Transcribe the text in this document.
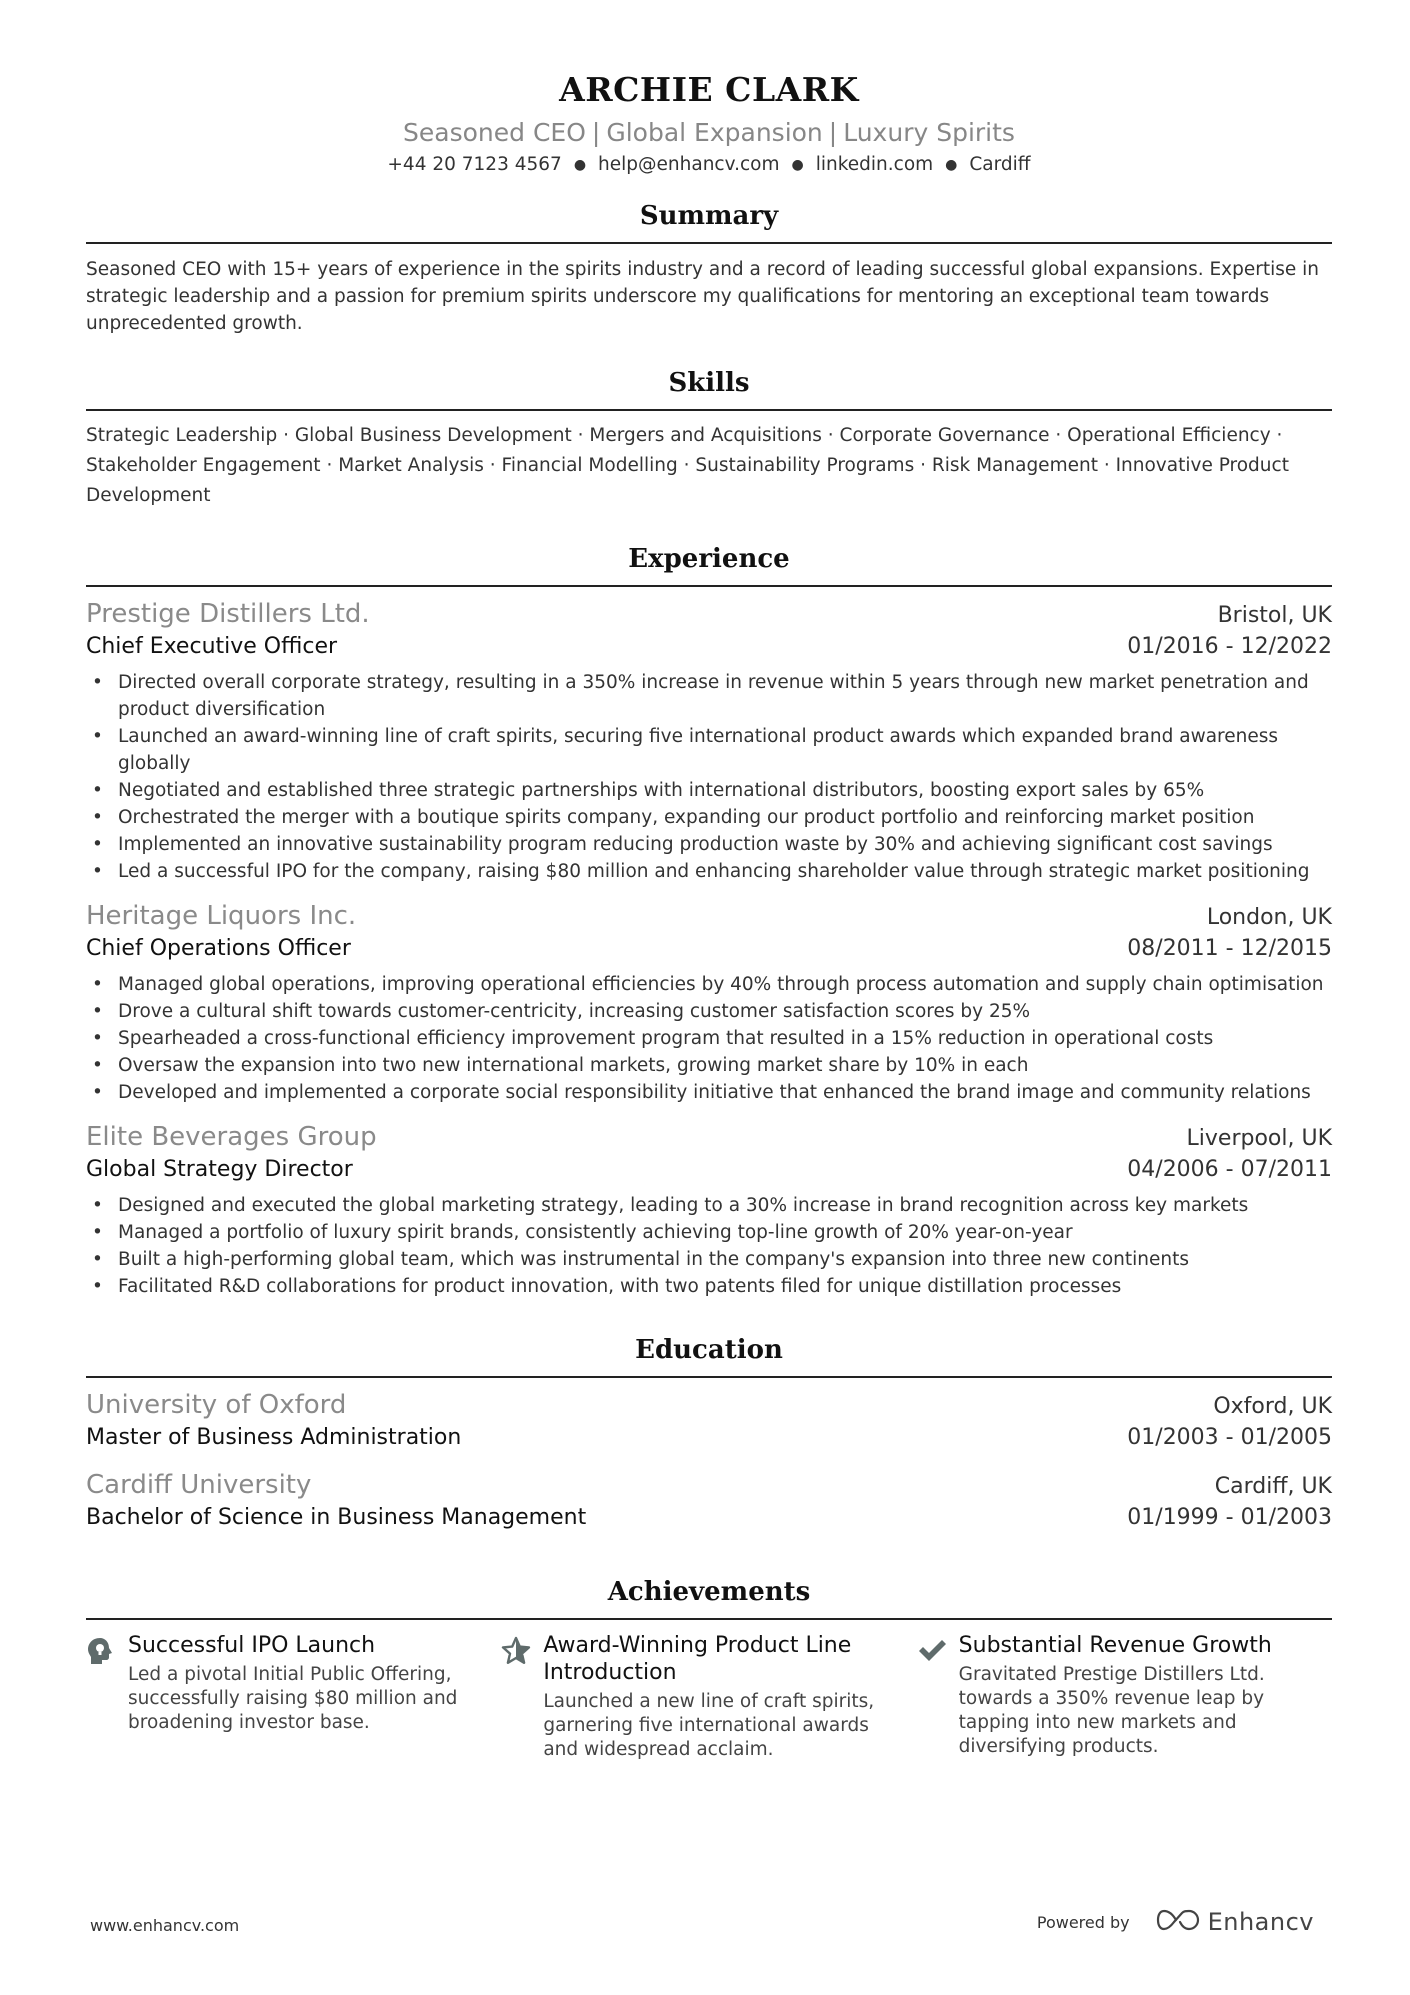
ARCHIE CLARK
Seasoned CEO | Global Expansion | Luxury Spirits
+44 20 7123 4567 ● help@enhancv.com ● linkedin.com ● Cardiff
Summary
Seasoned CEO with 15+ years of experience in the spirits industry and a record of leading successful global expansions. Expertise in strategic leadership and a passion for premium spirits underscore my qualifications for mentoring an exceptional team towards unprecedented growth.
Skills
Strategic Leadership · Global Business Development · Mergers and Acquisitions · Corporate Governance · Operational Efficiency · Stakeholder Engagement · Market Analysis · Financial Modelling · Sustainability Programs · Risk Management · Innovative Product Development
Experience
Prestige Distillers Ltd.	Bristol, UK
Chief Executive Officer	01/2016 - 12/2022
• Directed overall corporate strategy, resulting in a 350% increase in revenue within 5 years through new market penetration and product diversification
• Launched an award-winning line of craft spirits, securing five international product awards which expanded brand awareness globally
• Negotiated and established three strategic partnerships with international distributors, boosting export sales by 65%
• Orchestrated the merger with a boutique spirits company, expanding our product portfolio and reinforcing market position
• Implemented an innovative sustainability program reducing production waste by 30% and achieving significant cost savings
• Led a successful IPO for the company, raising $80 million and enhancing shareholder value through strategic market positioning
Heritage Liquors Inc.	London, UK
Chief Operations Officer	08/2011 - 12/2015
• Managed global operations, improving operational efficiencies by 40% through process automation and supply chain optimisation
• Drove a cultural shift towards customer-centricity, increasing customer satisfaction scores by 25%
• Spearheaded a cross-functional efficiency improvement program that resulted in a 15% reduction in operational costs
• Oversaw the expansion into two new international markets, growing market share by 10% in each
• Developed and implemented a corporate social responsibility initiative that enhanced the brand image and community relations
Elite Beverages Group	Liverpool, UK
Global Strategy Director	04/2006 - 07/2011
• Designed and executed the global marketing strategy, leading to a 30% increase in brand recognition across key markets
• Managed a portfolio of luxury spirit brands, consistently achieving top-line growth of 20% year-on-year
• Built a high-performing global team, which was instrumental in the company's expansion into three new continents
• Facilitated R&D collaborations for product innovation, with two patents filed for unique distillation processes
Education
University of Oxford	Oxford, UK
Master of Business Administration	01/2003 - 01/2005
Cardiff University	Cardiff, UK
Bachelor of Science in Business Management	01/1999 - 01/2003
Achievements
Successful IPO Launch
Led a pivotal Initial Public Offering, successfully raising $80 million and broadening investor base.
Award-Winning Product Line Introduction
Launched a new line of craft spirits, garnering five international awards and widespread acclaim.
Substantial Revenue Growth
Gravitated Prestige Distillers Ltd. towards a 350% revenue leap by tapping into new markets and diversifying products.
www.enhancv.com	Powered by	Enhancv
